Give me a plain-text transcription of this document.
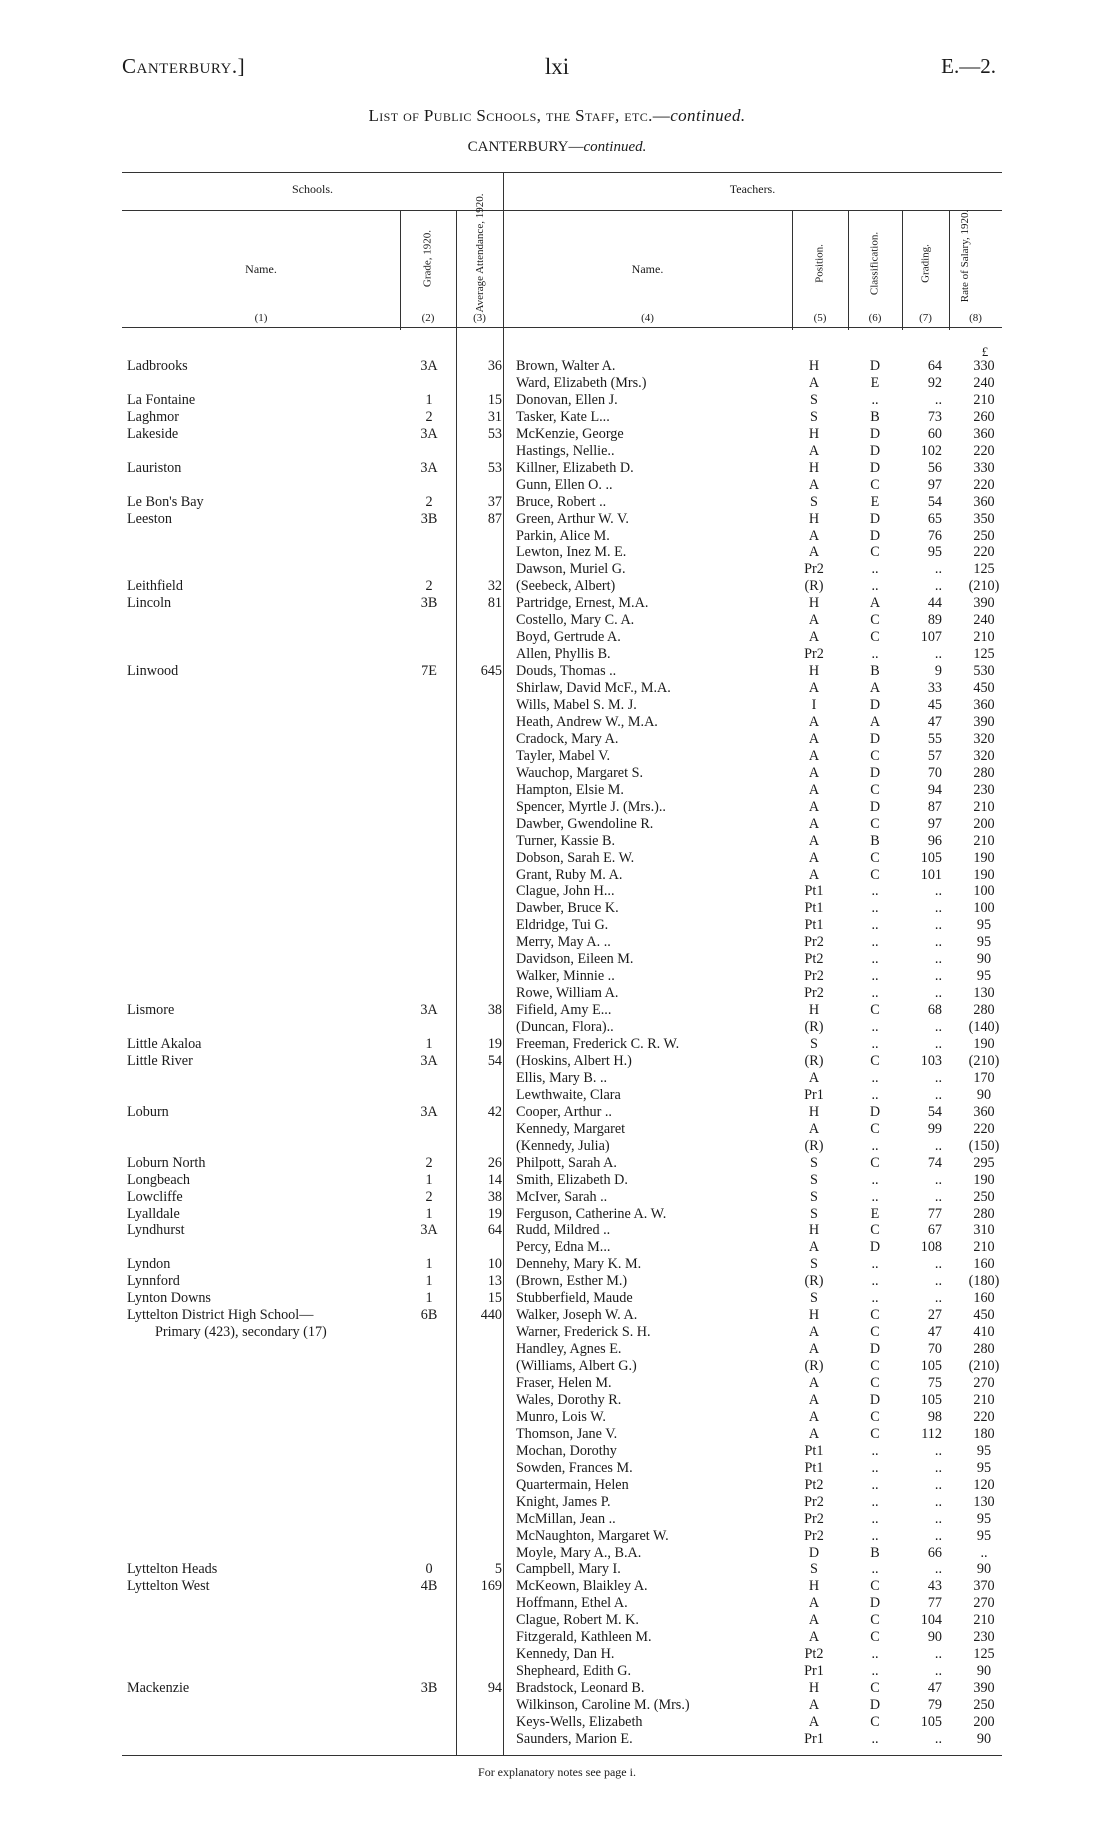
Canterbury.]	lxi	E.—2.
List of Public Schools, the Staff, etc.—continued.
CANTERBURY—continued.
Schools.	Teachers.
Name.	Grade, 1920.	Average Attendance, 1920.	Name.	Position.	Classification.	Grading.	Rate of Salary, 1920.
(1)	(2)	(3)	(4)	(5)	(6)	(7)	(8)
£
Ladbrooks	3A	36 Brown, Walter A.	H	D	64	330
Ward, Elizabeth (Mrs.)	A	E	92	240
La Fontaine	1	15 Donovan, Ellen J.	S	..	..	210
Laghmor	2	31 Tasker, Kate L...	S	B	73	260
Lakeside	3A	53 McKenzie, George	H	D	60	360
Hastings, Nellie..	A	D	102	220
Lauriston	3A	53 Killner, Elizabeth D.	H	D	56	330
Gunn, Ellen O. ..	A	C	97	220
Le Bon's Bay	2	37 Bruce, Robert ..	S	E	54	360
Leeston	3B	87 Green, Arthur W. V.	H	D	65	350
Parkin, Alice M.	A	D	76	250
Lewton, Inez M. E.	A	C	95	220
Dawson, Muriel G.	Pr2	..	..	125
Leithfield	2	32 (Seebeck, Albert)	(R)	..	..	(210)
Lincoln	3B	81 Partridge, Ernest, M.A.	H	A	44	390
Costello, Mary C. A.	A	C	89	240
Boyd, Gertrude A.	A	C	107	210
Allen, Phyllis B.	Pr2	..	..	125
Linwood	7E	645 Douds, Thomas ..	H	B	9	530
Shirlaw, David McF., M.A.	A	A	33	450
Wills, Mabel S. M. J.	I	D	45	360
Heath, Andrew W., M.A.	A	A	47	390
Cradock, Mary A.	A	D	55	320
Tayler, Mabel V.	A	C	57	320
Wauchop, Margaret S.	A	D	70	280
Hampton, Elsie M.	A	C	94	230
Spencer, Myrtle J. (Mrs.)..	A	D	87	210
Dawber, Gwendoline R.	A	C	97	200
Turner, Kassie B.	A	B	96	210
Dobson, Sarah E. W.	A	C	105	190
Grant, Ruby M. A.	A	C	101	190
Clague, John H...	Pt1	..	..	100
Dawber, Bruce K.	Pt1	..	..	100
Eldridge, Tui G.	Pt1	..	..	95
Merry, May A. ..	Pr2	..	..	95
Davidson, Eileen M.	Pt2	..	..	90
Walker, Minnie ..	Pr2	..	..	95
Rowe, William A.	Pr2	..	..	130
Lismore	3A	38 Fifield, Amy E...	H	C	68	280
(Duncan, Flora)..	(R)	..	..	(140)
Little Akaloa	1	19 Freeman, Frederick C. R. W.	S	..	..	190
Little River	3A	54 (Hoskins, Albert H.)	(R)	C	103	(210)
Ellis, Mary B. ..	A	..	..	170
Lewthwaite, Clara	Pr1	..	..	90
Loburn	3A	42 Cooper, Arthur ..	H	D	54	360
Kennedy, Margaret	A	C	99	220
(Kennedy, Julia)	(R)	..	..	(150)
Loburn North	2	26 Philpott, Sarah A.	S	C	74	295
Longbeach	1	14 Smith, Elizabeth D.	S	..	..	190
Lowcliffe	2	38 McIver, Sarah ..	S	..	..	250
Lyalldale	1	19 Ferguson, Catherine A. W.	S	E	77	280
Lyndhurst	3A	64 Rudd, Mildred ..	H	C	67	310
Percy, Edna M...	A	D	108	210
Lyndon	1	10 Dennehy, Mary K. M.	S	..	..	160
Lynnford	1	13 (Brown, Esther M.)	(R)	..	..	(180)
Lynton Downs	1	15 Stubberfield, Maude	S	..	..	160
Lyttelton District High School—	6B	440 Walker, Joseph W. A.	H	C	27	450
Primary (423), secondary (17)	Warner, Frederick S. H.	A	C	47	410
Handley, Agnes E.	A	D	70	280
(Williams, Albert G.)	(R)	C	105	(210)
Fraser, Helen M.	A	C	75	270
Wales, Dorothy R.	A	D	105	210
Munro, Lois W.	A	C	98	220
Thomson, Jane V.	A	C	112	180
Mochan, Dorothy	Pt1	..	..	95
Sowden, Frances M.	Pt1	..	..	95
Quartermain, Helen	Pt2	..	..	120
Knight, James P.	Pr2	..	..	130
McMillan, Jean ..	Pr2	..	..	95
McNaughton, Margaret W.	Pr2	..	..	95
Moyle, Mary A., B.A.	D	B	66	..
Lyttelton Heads	0	5 Campbell, Mary I.	S	..	..	90
Lyttelton West	4B	169 McKeown, Blaikley A.	H	C	43	370
Hoffmann, Ethel A.	A	D	77	270
Clague, Robert M. K.	A	C	104	210
Fitzgerald, Kathleen M.	A	C	90	230
Kennedy, Dan H.	Pt2	..	..	125
Shepheard, Edith G.	Pr1	..	..	90
Mackenzie	3B	94 Bradstock, Leonard B.	H	C	47	390
Wilkinson, Caroline M. (Mrs.)	A	D	79	250
Keys-Wells, Elizabeth	A	C	105	200
Saunders, Marion E.	Pr1	..	..	90
For explanatory notes see page i.
